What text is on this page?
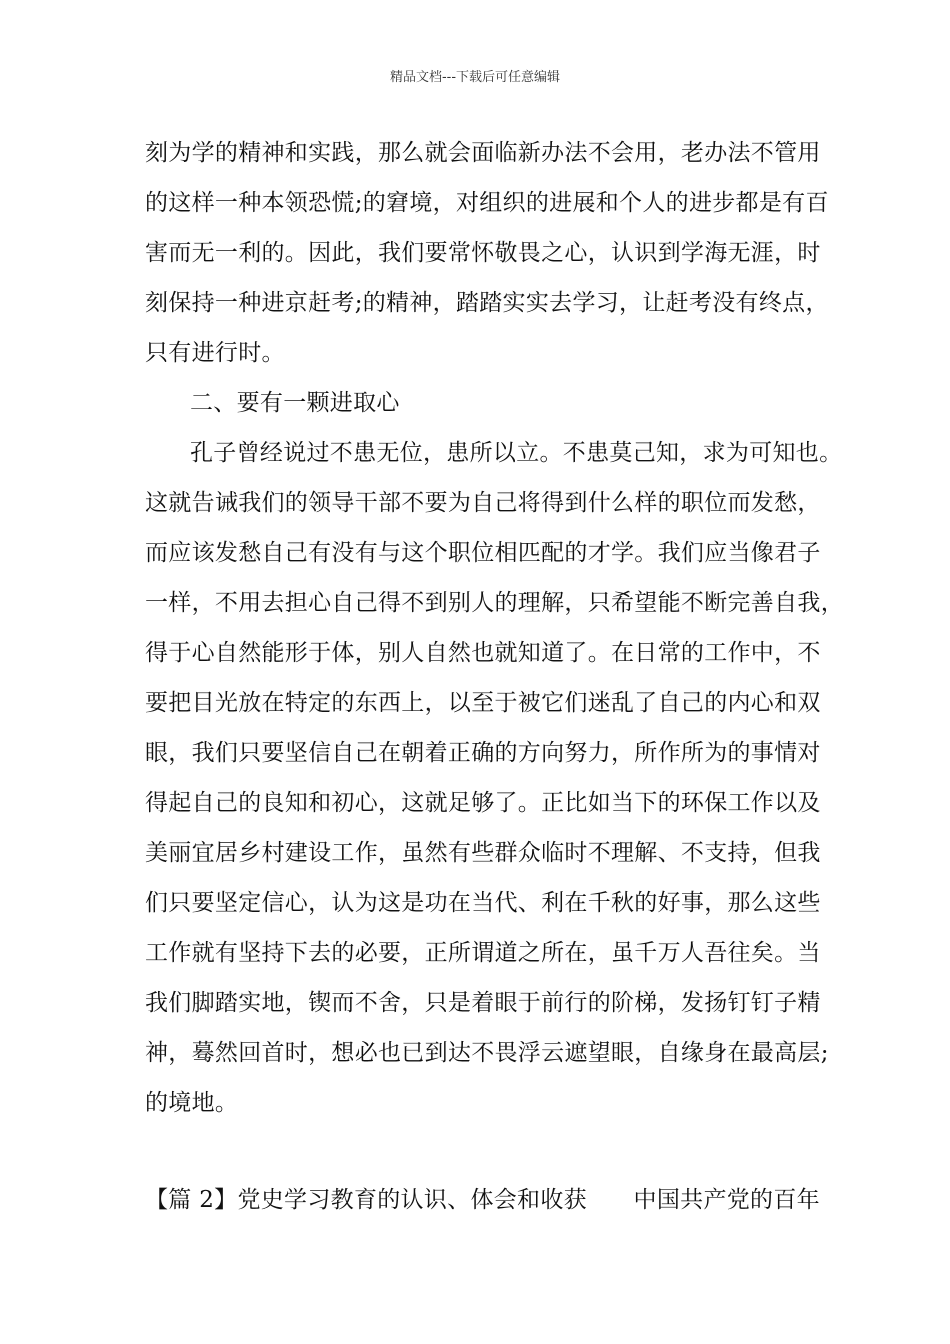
精品文档---下载后可任意编辑
刻为学的精神和实践，那么就会面临新办法不会用，老办法不管用
的这样一种本领恐慌;的窘境，对组织的进展和个人的进步都是有百
害而无一利的。因此，我们要常怀敬畏之心，认识到学海无涯，时
刻保持一种进京赶考;的精神，踏踏实实去学习，让赶考没有终点，
只有进行时。
二、要有一颗进取心
孔子曾经说过不患无位，患所以立。不患莫己知，求为可知也。
这就告诫我们的领导干部不要为自己将得到什么样的职位而发愁，
而应该发愁自己有没有与这个职位相匹配的才学。我们应当像君子
一样，不用去担心自己得不到别人的理解，只希望能不断完善自我，
得于心自然能形于体，别人自然也就知道了。在日常的工作中，不
要把目光放在特定的东西上，以至于被它们迷乱了自己的内心和双
眼，我们只要坚信自己在朝着正确的方向努力，所作所为的事情对
得起自己的良知和初心，这就足够了。正比如当下的环保工作以及
美丽宜居乡村建设工作，虽然有些群众临时不理解、不支持，但我
们只要坚定信心，认为这是功在当代、利在千秋的好事，那么这些
工作就有坚持下去的必要，正所谓道之所在，虽千万人吾往矣。当
我们脚踏实地，锲而不舍，只是着眼于前行的阶梯，发扬钉钉子精
神，蓦然回首时，想必也已到达不畏浮云遮望眼，自缘身在最高层;
的境地。
【篇 2】党史学习教育的认识、体会和收获　　中国共产党的百年
